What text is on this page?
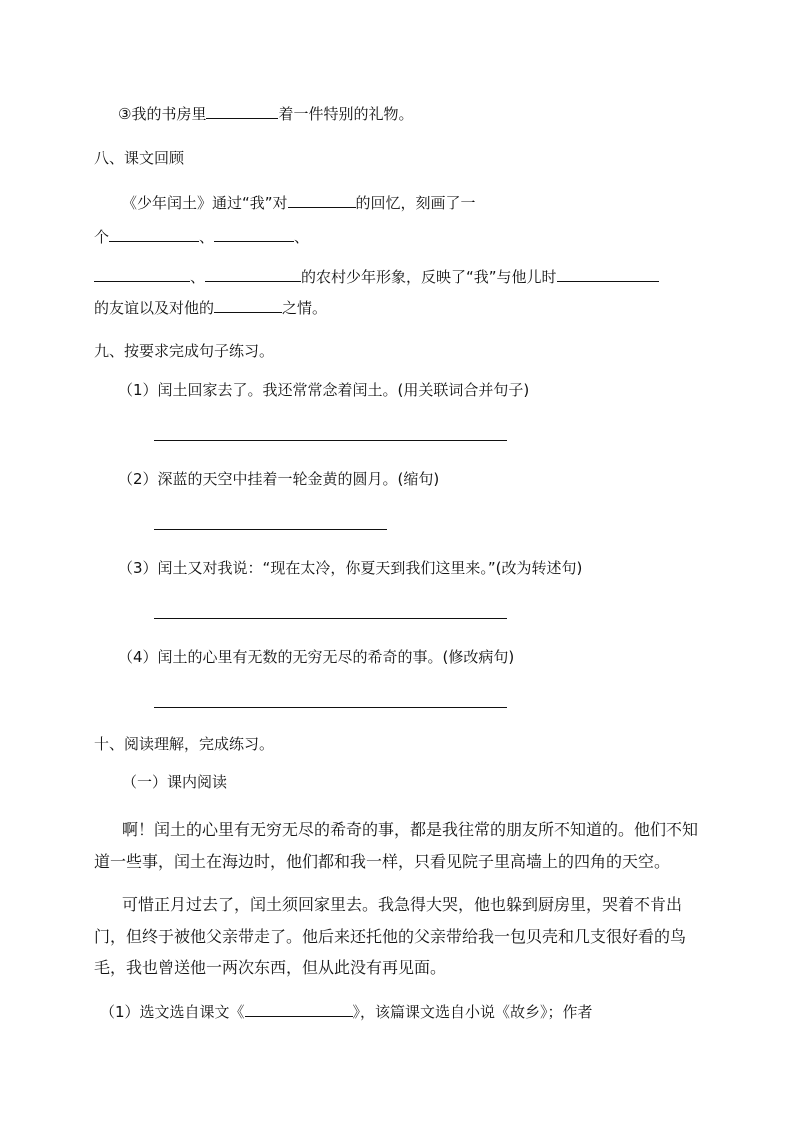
③我的书房里	着一件特别的礼物。
八、课文回顾
《少年闰土》通过“我”对	的回忆，刻画了一
个	、	、
、	的农村少年形象，反映了“我”与他儿时
的友谊以及对他的	之情。
九、按要求完成句子练习。
（1）闰土回家去了。我还常常念着闰土。(用关联词合并句子)
（2）深蓝的天空中挂着一轮金黄的圆月。(缩句)
（3）闰土又对我说：“现在太冷，你夏天到我们这里来。”(改为转述句)
（4）闰土的心里有无数的无穷无尽的希奇的事。(修改病句)
十、阅读理解，完成练习。
（一）课内阅读
啊！闰土的心里有无穷无尽的希奇的事，都是我往常的朋友所不知道的。他们不知
道一些事，闰土在海边时，他们都和我一样，只看见院子里高墙上的四角的天空。
可惜正月过去了，闰土须回家里去。我急得大哭，他也躲到厨房里，哭着不肯出
门，但终于被他父亲带走了。他后来还托他的父亲带给我一包贝壳和几支很好看的鸟
毛，我也曾送他一两次东西，但从此没有再见面。
（1）选文选自课文《	》，该篇课文选自小说《故乡》；作者
